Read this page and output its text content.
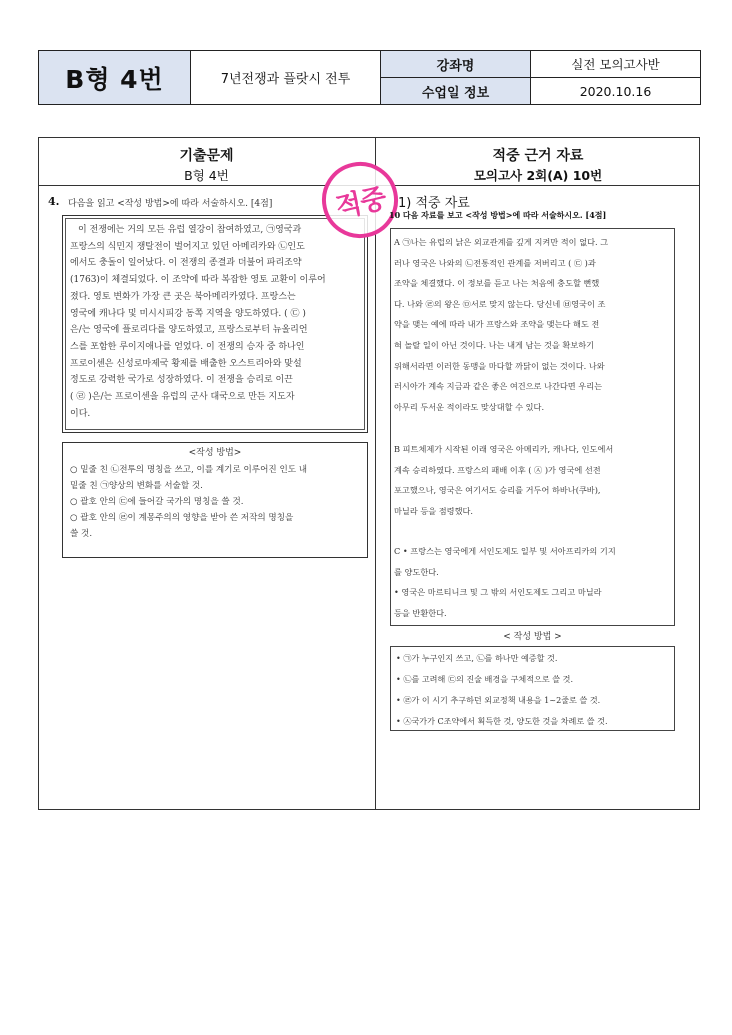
B형 4번	7년전쟁과 플랏시 전투	강좌명	실전 모의고사반
		수업일 정보	2020.10.16
기출문제
B형 4번
적중 근거 자료
모의고사 2회(A) 10번
4. 다음을 읽고 <작성 방법>에 따라 서술하시오. [4점]
이 전쟁에는 거의 모든 유럽 열강이 참여하였고, ㉠영국과
프랑스의 식민지 쟁탈전이 벌어지고 있던 아메리카와 ㉡인도
에서도 충돌이 일어났다. 이 전쟁의 종결과 더불어 파리조약
(1763)이 체결되었다. 이 조약에 따라 복잡한 영토 교환이 이루어
졌다. 영토 변화가 가장 큰 곳은 북아메리카였다. 프랑스는
영국에 캐나다 및 미시시피강 동쪽 지역을 양도하였다. ( ㉢ )
은/는 영국에 플로리다를 양도하였고, 프랑스로부터 뉴올리언
스를 포함한 루이지애나를 얻었다. 이 전쟁의 승자 중 하나인
프로이센은 신성로마제국 황제를 배출한 오스트리아와 맞설
정도로 강력한 국가로 성장하였다. 이 전쟁을 승리로 이끈
( ㉣ )은/는 프로이센을 유럽의 군사 대국으로 만든 지도자
이다.
<작성 방법>
○ 밑줄 친 ㉡전투의 명칭을 쓰고, 이를 계기로 이루어진 인도 내
밑줄 친 ㉠양상의 변화를 서술할 것.
○ 괄호 안의 ㉢에 들어갈 국가의 명칭을 쓸 것.
○ 괄호 안의 ㉣이 계몽주의의 영향을 받아 쓴 저작의 명칭을
쓸 것.
적중 1) 적중 자료
10 다음 자료를 보고 <작성 방법>에 따라 서술하시오. [4점]
A ㉠나는 유럽의 낡은 외교관계를 깊게 지켜만 적이 없다. 그
러나 영국은 나와의 ㉡전통적인 관계를 저버리고 ( ㉢ )과
조약을 체결했다. 이 정보를 듣고 나는 처음에 충도할 뻔했
다. 나와 ㉣의 왕은 ㉤서로 맞지 않는다. 당신네 ㉥영국이 조
약을 맺는 예에 따라 내가 프랑스와 조약을 맺는다 해도 전
혀 놀랄 일이 아닌 것이다. 나는 내게 남는 것을 확보하기
위해서라면 이러한 동맹을 마다할 까닭이 없는 것이다. 나와
러시아가 계속 지금과 같은 좋은 여건으로 나간다면 우리는
아무리 두서운 적이라도 맞상대할 수 있다.
B 피트체제가 시작된 이래 영국은 아메리카, 캐나다, 인도에서
계속 승리하였다. 프랑스의 패배 이후 ( ㉦ )가 영국에 선전
포고했으나, 영국은 여기서도 승리를 거두어 하바나(쿠바),
마닐라 등을 점령했다.
C • 프랑스는 영국에게 서인도제도 일부 및 서아프리카의 기지
를 양도한다.
• 영국은 마르티니크 및 그 밖의 서인도제도 그리고 마닐라
등을 반환한다.
< 작성 방법 >
• ㉠가 누구인지 쓰고, ㉡를 하나만 예증할 것.
• ㉡를 고려해 ㉢의 진술 배경을 구체적으로 쓸 것.
• ㉣가 이 시기 추구하던 외교정책 내용을 1~2줄로 쓸 것.
• ㉦국가가 C조약에서 획득한 것, 양도한 것을 차례로 쓸 것.
